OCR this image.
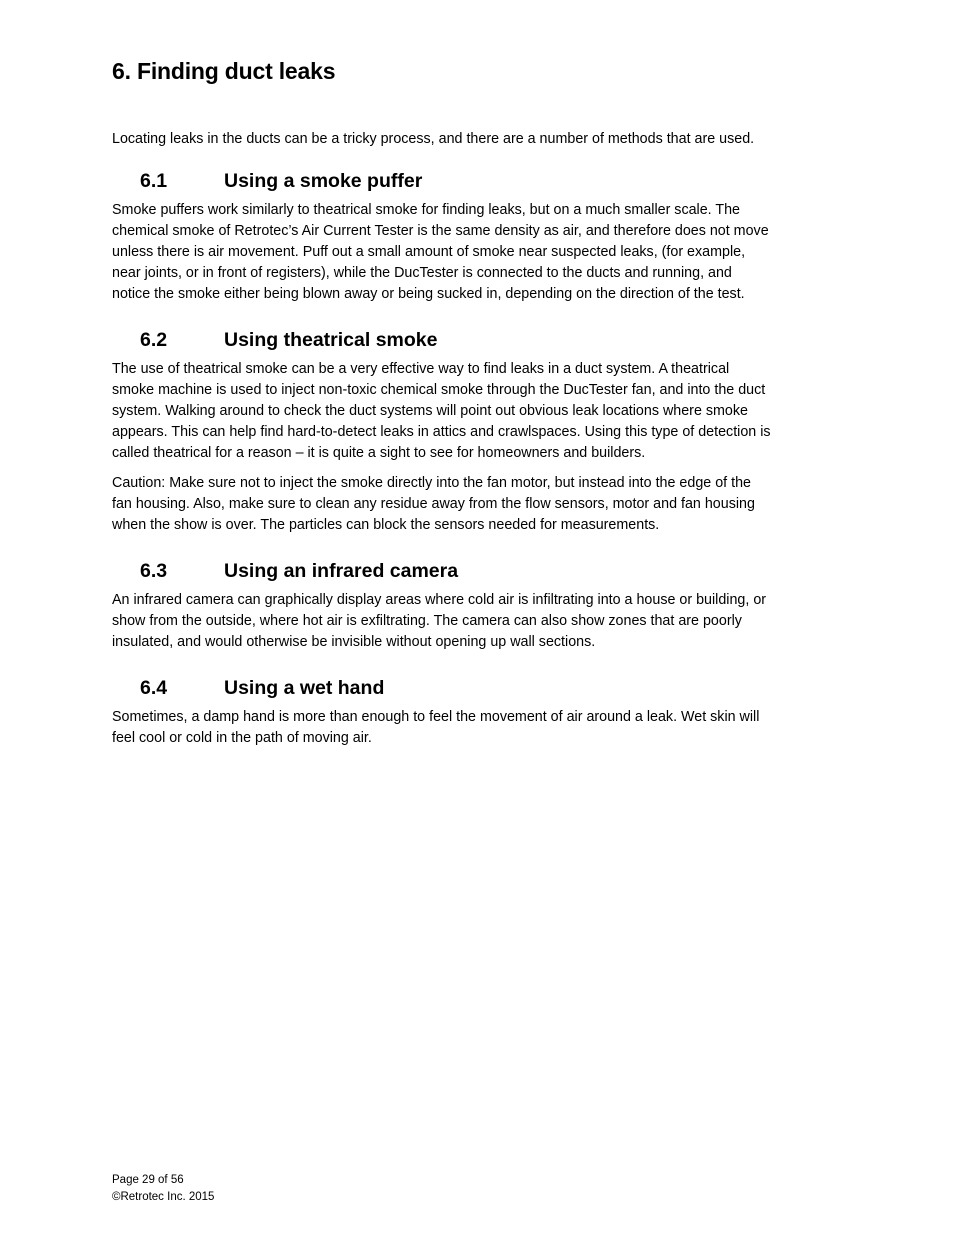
6. Finding duct leaks

Locating leaks in the ducts can be a tricky process, and there are a number of methods that are used.

6.1	Using a smoke puffer

Smoke puffers work similarly to theatrical smoke for finding leaks, but on a much smaller scale. The
chemical smoke of Retrotec’s Air Current Tester is the same density as air, and therefore does not move
unless there is air movement. Puff out a small amount of smoke near suspected leaks, (for example,
near joints, or in front of registers), while the DucTester is connected to the ducts and running, and
notice the smoke either being blown away or being sucked in, depending on the direction of the test.

6.2	Using theatrical smoke

The use of theatrical smoke can be a very effective way to find leaks in a duct system. A theatrical
smoke machine is used to inject non-toxic chemical smoke through the DucTester fan, and into the duct
system. Walking around to check the duct systems will point out obvious leak locations where smoke
appears. This can help find hard-to-detect leaks in attics and crawlspaces. Using this type of detection is
called theatrical for a reason – it is quite a sight to see for homeowners and builders.

Caution: Make sure not to inject the smoke directly into the fan motor, but instead into the edge of the
fan housing. Also, make sure to clean any residue away from the flow sensors, motor and fan housing
when the show is over. The particles can block the sensors needed for measurements.

6.3	Using an infrared camera

An infrared camera can graphically display areas where cold air is infiltrating into a house or building, or
show from the outside, where hot air is exfiltrating. The camera can also show zones that are poorly
insulated, and would otherwise be invisible without opening up wall sections.

6.4	Using a wet hand

Sometimes, a damp hand is more than enough to feel the movement of air around a leak. Wet skin will
feel cool or cold in the path of moving air.

Page 29 of 56
©Retrotec Inc. 2015
